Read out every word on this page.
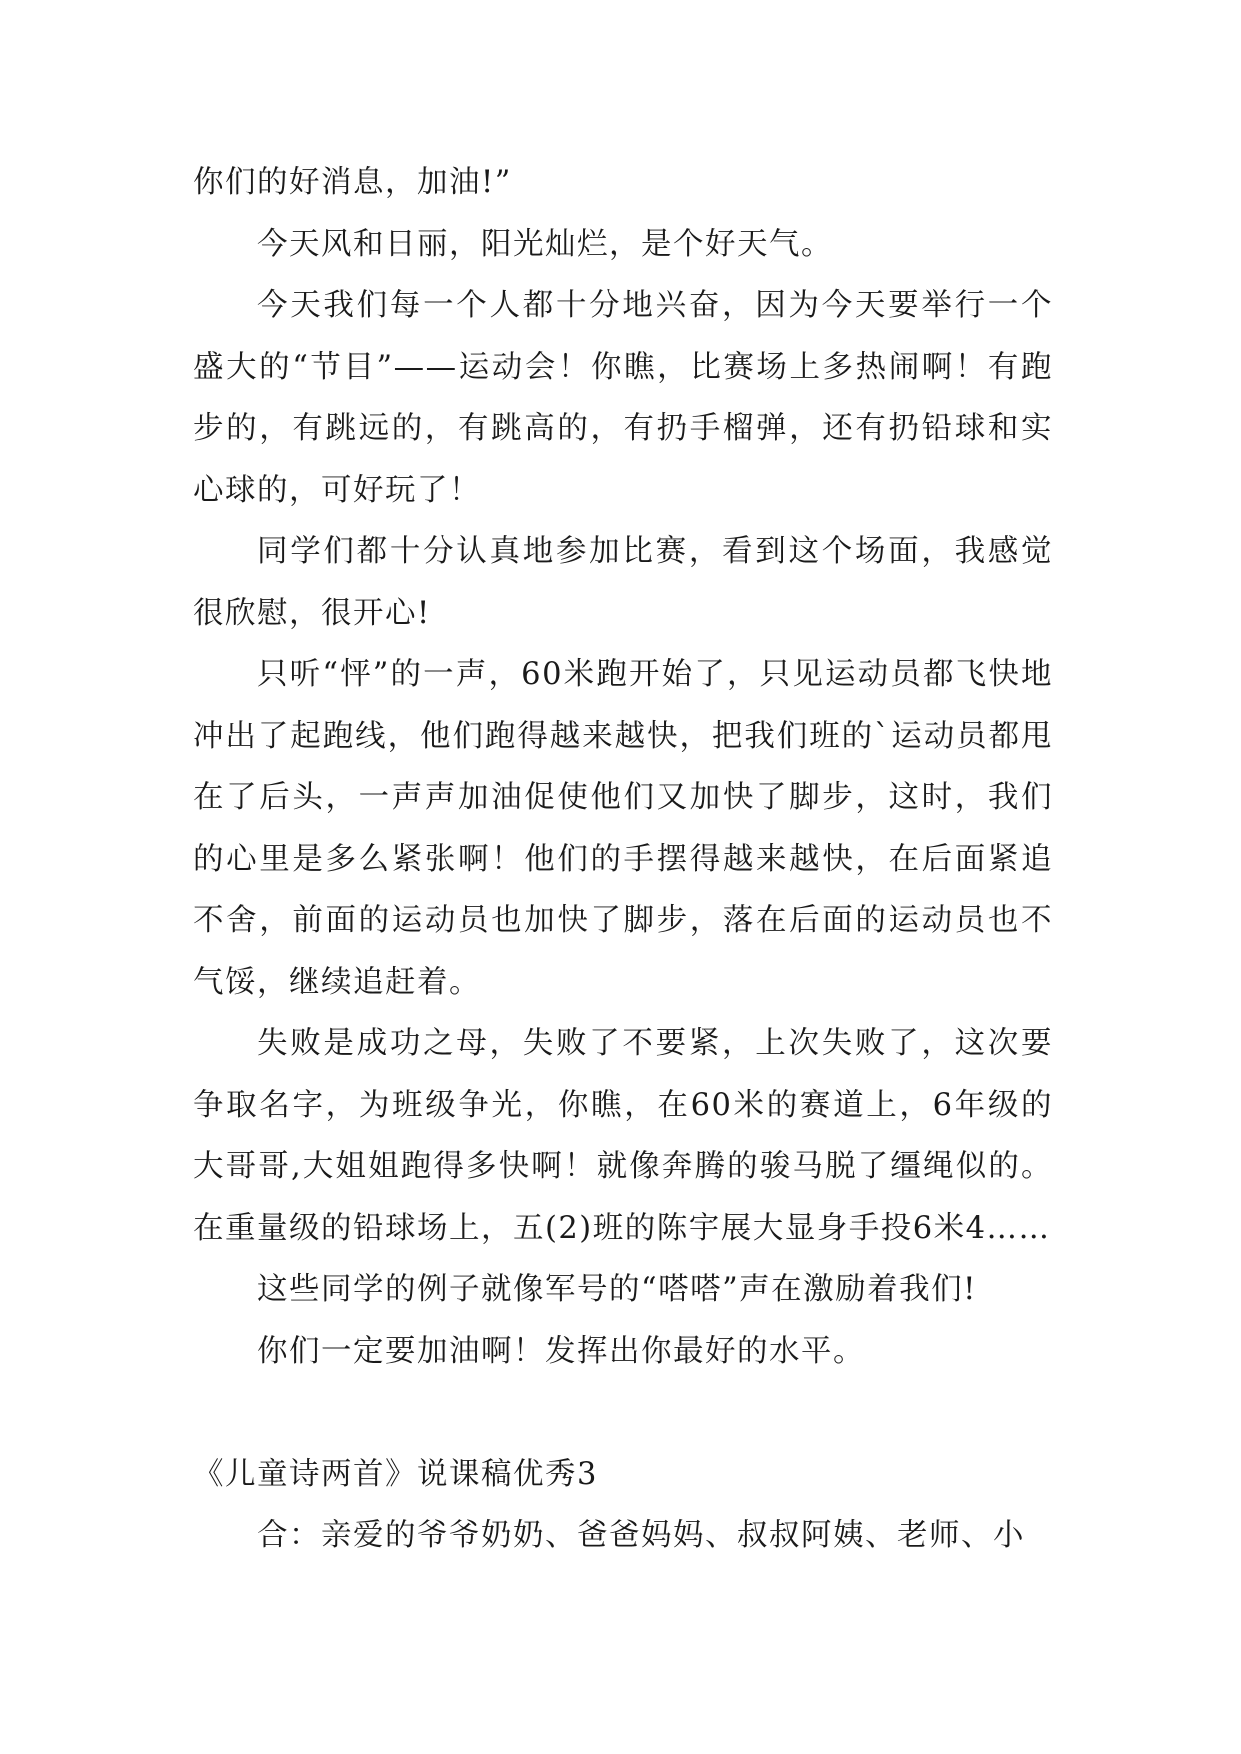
你们的好消息，加油!”

今天风和日丽，阳光灿烂，是个好天气。

今天我们每一个人都十分地兴奋，因为今天要举行一个盛大的“节目”——运动会！你瞧，比赛场上多热闹啊！有跑步的，有跳远的，有跳高的，有扔手榴弹，还有扔铅球和实心球的，可好玩了！

同学们都十分认真地参加比赛，看到这个场面，我感觉很欣慰，很开心!

只听“怦”的一声，60米跑开始了，只见运动员都飞快地冲出了起跑线，他们跑得越来越快，把我们班的`运动员都甩在了后头，一声声加油促使他们又加快了脚步，这时，我们的心里是多么紧张啊！他们的手摆得越来越快，在后面紧追不舍，前面的运动员也加快了脚步，落在后面的运动员也不气馁，继续追赶着。

失败是成功之母，失败了不要紧，上次失败了，这次要争取名字，为班级争光，你瞧，在60米的赛道上，6年级的大哥哥,大姐姐跑得多快啊！就像奔腾的骏马脱了缰绳似的。在重量级的铅球场上，五(2)班的陈宇展大显身手投6米4……

这些同学的例子就像军号的“嗒嗒”声在激励着我们!

你们一定要加油啊！发挥出你最好的水平。

《儿童诗两首》说课稿优秀3

合：亲爱的爷爷奶奶、爸爸妈妈、叔叔阿姨、老师、小
